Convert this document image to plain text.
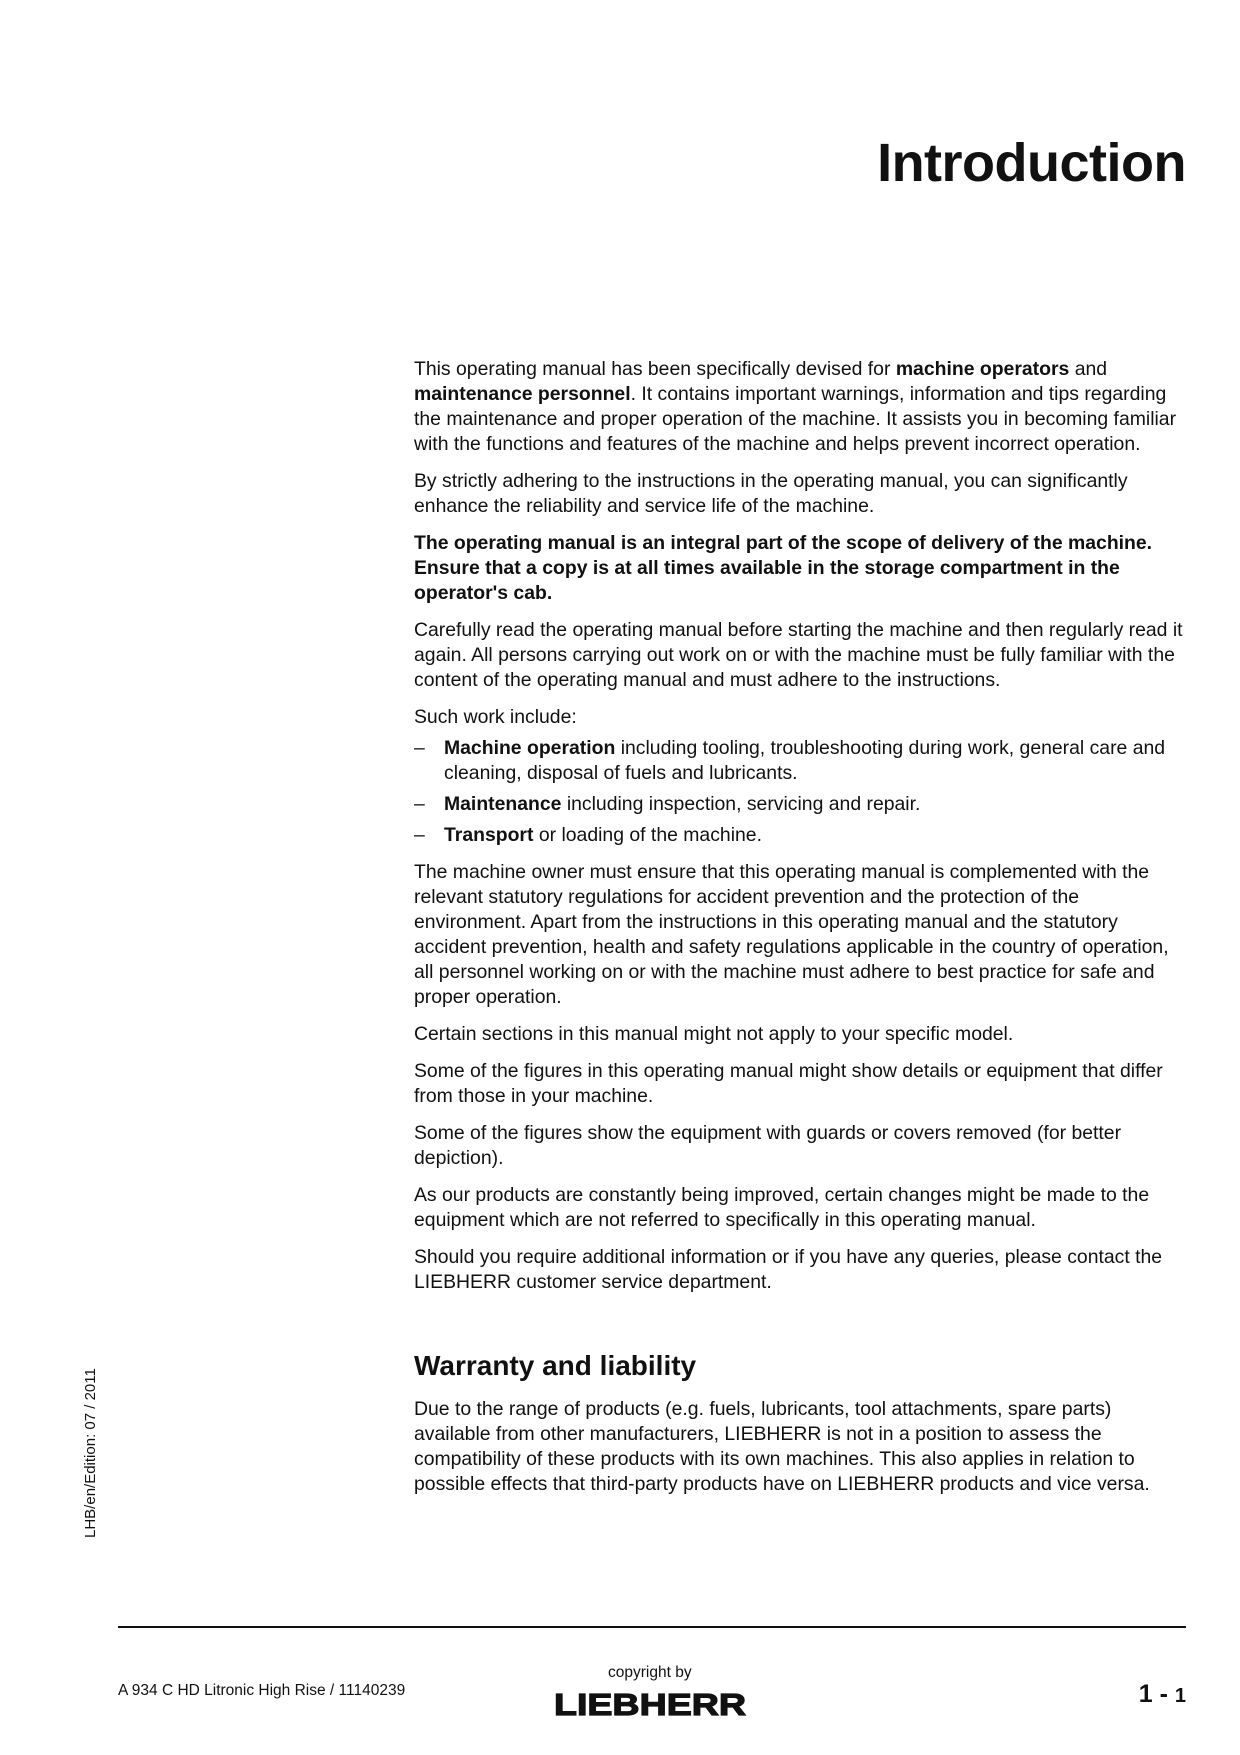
Introduction

This operating manual has been specifically devised for machine operators and maintenance personnel. It contains important warnings, information and tips regarding the maintenance and proper operation of the machine. It assists you in becoming familiar with the functions and features of the machine and helps prevent incorrect operation.

By strictly adhering to the instructions in the operating manual, you can significantly enhance the reliability and service life of the machine.

The operating manual is an integral part of the scope of delivery of the machine. Ensure that a copy is at all times available in the storage compartment in the operator's cab.

Carefully read the operating manual before starting the machine and then regularly read it again. All persons carrying out work on or with the machine must be fully familiar with the content of the operating manual and must adhere to the instructions.

Such work include:

– Machine operation including tooling, troubleshooting during work, general care and cleaning, disposal of fuels and lubricants.
– Maintenance including inspection, servicing and repair.
– Transport or loading of the machine.

The machine owner must ensure that this operating manual is complemented with the relevant statutory regulations for accident prevention and the protection of the environment. Apart from the instructions in this operating manual and the statutory accident prevention, health and safety regulations applicable in the country of operation, all personnel working on or with the machine must adhere to best practice for safe and proper operation.

Certain sections in this manual might not apply to your specific model.

Some of the figures in this operating manual might show details or equipment that differ from those in your machine.

Some of the figures show the equipment with guards or covers removed (for better depiction).

As our products are constantly being improved, certain changes might be made to the equipment which are not referred to specifically in this operating manual.

Should you require additional information or if you have any queries, please contact the LIEBHERR customer service department.

Warranty and liability

Due to the range of products (e.g. fuels, lubricants, tool attachments, spare parts) available from other manufacturers, LIEBHERR is not in a position to assess the compatibility of these products with its own machines. This also applies in relation to possible effects that third-party products have on LIEBHERR products and vice versa.

LHB/en/Edition: 07 / 2011
A 934 C HD Litronic High Rise / 11140239
copyright by
LIEBHERR	1 - 1
